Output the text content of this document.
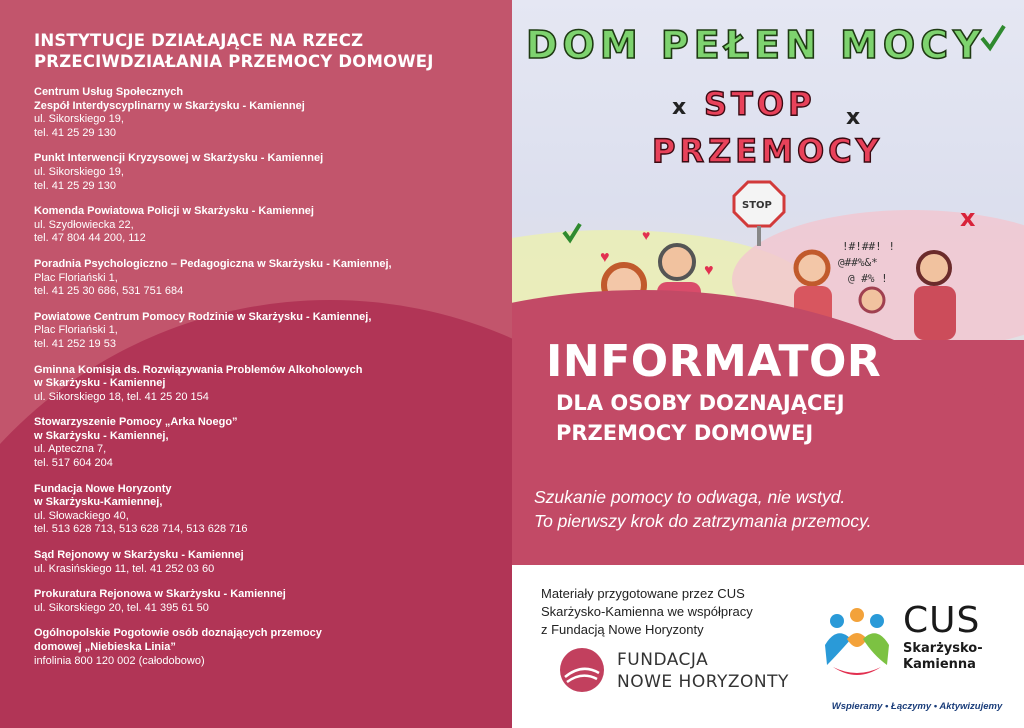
INSTYTUCJE DZIAŁAJĄCE NA RZECZ
PRZECIWDZIAŁANIA PRZEMOCY DOMOWEJ
Centrum Usług Społecznych
Zespół Interdyscyplinarny w Skarżysku - Kamiennej
ul. Sikorskiego 19,
tel. 41 25 29 130
Punkt Interwencji Kryzysowej w Skarżysku - Kamiennej
ul. Sikorskiego 19,
tel. 41 25 29 130
Komenda Powiatowa Policji w Skarżysku - Kamiennej
ul. Szydłowiecka 22,
tel. 47 804 44 200, 112
Poradnia Psychologiczno – Pedagogiczna w Skarżysku - Kamiennej,
Plac Floriański 1,
tel. 41 25 30 686, 531 751 684
Powiatowe Centrum Pomocy Rodzinie w Skarżysku - Kamiennej,
Plac Floriański 1,
tel. 41 252 19 53
Gminna Komisja ds. Rozwiązywania Problemów Alkoholowych
w Skarżysku - Kamiennej
ul. Sikorskiego 18, tel. 41 25 20 154
Stowarzyszenie Pomocy „Arka Noego”
w Skarżysku - Kamiennej,
ul. Apteczna 7,
tel. 517 604 204
Fundacja Nowe Horyzonty
w Skarżysku-Kamiennej,
ul. Słowackiego 40,
tel. 513 628 713, 513 628 714, 513 628 716
Sąd Rejonowy w Skarżysku - Kamiennej
ul. Krasińskiego 11, tel. 41 252 03 60
Prokuratura Rejonowa w Skarżysku - Kamiennej
ul. Sikorskiego 20, tel. 41 395 61 50
Ogólnopolskie Pogotowie osób doznających przemocy
domowej „Niebieska Linia”
infolinia 800 120 002 (całodobowo)
DOM PEŁEN MOCY
STOP
PRZEMOCY
x	x
STOP	x
♥
♥
♥
!#!##! !
@##%&*
@ #% !
INFORMATOR
DLA OSOBY DOZNAJĄCEJ
PRZEMOCY DOMOWEJ
Szukanie pomocy to odwaga, nie wstyd.
To pierwszy krok do zatrzymania przemocy.
Materiały przygotowane przez CUS
Skarżysko-Kamienna we współpracy
z Fundacją Nowe Horyzonty
FUNDACJA
NOWE HORYZONTY
CUS
Skarżysko-
Kamienna
Wspieramy • Łączymy • Aktywizujemy
